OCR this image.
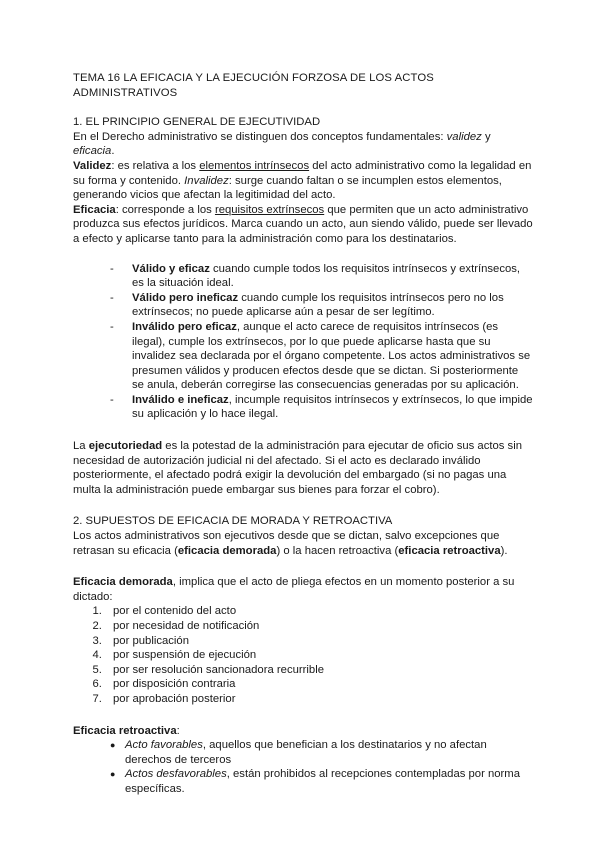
TEMA 16 LA EFICACIA Y LA EJECUCIÓN FORZOSA DE LOS ACTOS ADMINISTRATIVOS

1. EL PRINCIPIO GENERAL DE EJECUTIVIDAD

En el Derecho administrativo se distinguen dos conceptos fundamentales: validez y eficacia.

Validez: es relativa a los elementos intrínsecos del acto administrativo como la legalidad en su forma y contenido. Invalidez: surge cuando faltan o se incumplen estos elementos, generando vicios que afectan la legitimidad del acto.

Eficacia: corresponde a los requisitos extrínsecos que permiten que un acto administrativo produzca sus efectos jurídicos. Marca cuando un acto, aun siendo válido, puede ser llevado a efecto y aplicarse tanto para la administración como para los destinatarios.

- Válido y eficaz cuando cumple todos los requisitos intrínsecos y extrínsecos, es la situación ideal.
- Válido pero ineficaz cuando cumple los requisitos intrínsecos pero no los extrínsecos; no puede aplicarse aún a pesar de ser legítimo.
- Inválido pero eficaz, aunque el acto carece de requisitos intrínsecos (es ilegal), cumple los extrínsecos, por lo que puede aplicarse hasta que su invalidez sea declarada por el órgano competente. Los actos administrativos se presumen válidos y producen efectos desde que se dictan. Si posteriormente se anula, deberán corregirse las consecuencias generadas por su aplicación.
- Inválido e ineficaz, incumple requisitos intrínsecos y extrínsecos, lo que impide su aplicación y lo hace ilegal.

La ejecutoriedad es la potestad de la administración para ejecutar de oficio sus actos sin necesidad de autorización judicial ni del afectado. Si el acto es declarado inválido posteriormente, el afectado podrá exigir la devolución del embargado (si no pagas una multa la administración puede embargar sus bienes para forzar el cobro).

2. SUPUESTOS DE EFICACIA DE MORADA Y RETROACTIVA

Los actos administrativos son ejecutivos desde que se dictan, salvo excepciones que retrasan su eficacia (eficacia demorada) o la hacen retroactiva (eficacia retroactiva).

Eficacia demorada, implica que el acto de pliega efectos en un momento posterior a su dictado:

1. por el contenido del acto
2. por necesidad de notificación
3. por publicación
4. por suspensión de ejecución
5. por ser resolución sancionadora recurrible
6. por disposición contraria
7. por aprobación posterior

Eficacia retroactiva:

● Acto favorables, aquellos que benefician a los destinatarios y no afectan derechos de terceros
● Actos desfavorables, están prohibidos al recepciones contempladas por norma específicas.
